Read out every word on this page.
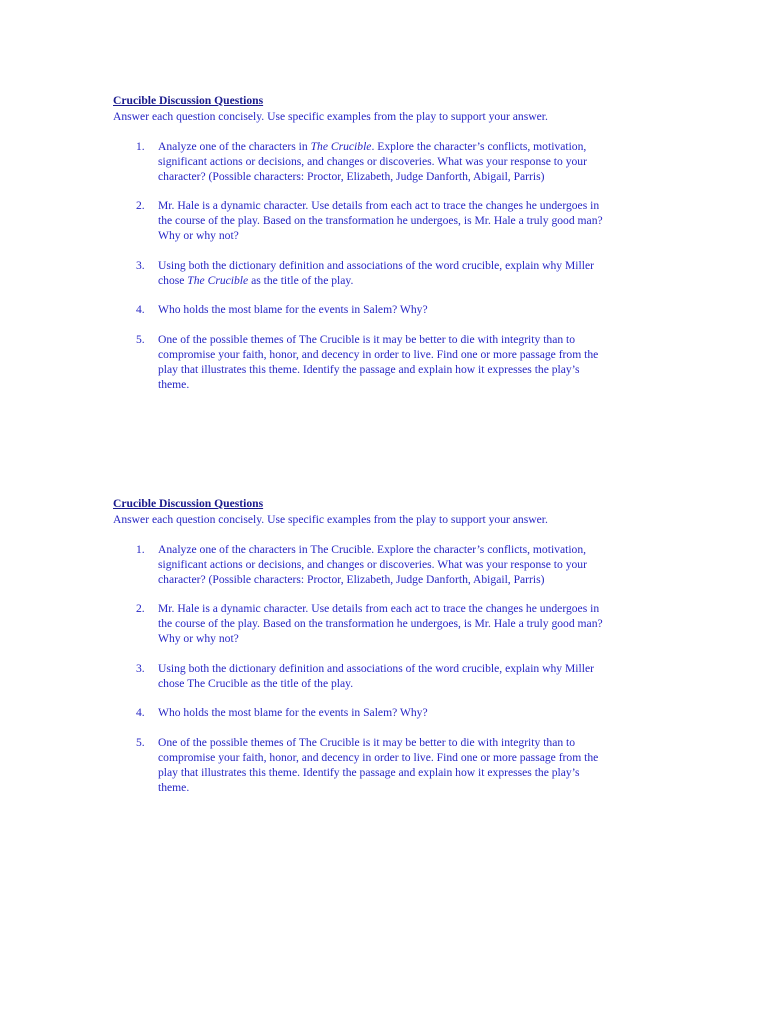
Crucible Discussion Questions
Answer each question concisely. Use specific examples from the play to support your answer.
1. Analyze one of the characters in The Crucible. Explore the character’s conflicts, motivation,
significant actions or decisions, and changes or discoveries. What was your response to your
character? (Possible characters: Proctor, Elizabeth, Judge Danforth, Abigail, Parris)
2. Mr. Hale is a dynamic character. Use details from each act to trace the changes he undergoes in
the course of the play. Based on the transformation he undergoes, is Mr. Hale a truly good man?
Why or why not?
3. Using both the dictionary definition and associations of the word crucible, explain why Miller
chose The Crucible as the title of the play.
4. Who holds the most blame for the events in Salem? Why?
5. One of the possible themes of The Crucible is it may be better to die with integrity than to
compromise your faith, honor, and decency in order to live. Find one or more passage from the
play that illustrates this theme. Identify the passage and explain how it expresses the play’s
theme.
Crucible Discussion Questions
Answer each question concisely. Use specific examples from the play to support your answer.
1. Analyze one of the characters in The Crucible. Explore the character’s conflicts, motivation,
significant actions or decisions, and changes or discoveries. What was your response to your
character? (Possible characters: Proctor, Elizabeth, Judge Danforth, Abigail, Parris)
2. Mr. Hale is a dynamic character. Use details from each act to trace the changes he undergoes in
the course of the play. Based on the transformation he undergoes, is Mr. Hale a truly good man?
Why or why not?
3. Using both the dictionary definition and associations of the word crucible, explain why Miller
chose The Crucible as the title of the play.
4. Who holds the most blame for the events in Salem? Why?
5. One of the possible themes of The Crucible is it may be better to die with integrity than to
compromise your faith, honor, and decency in order to live. Find one or more passage from the
play that illustrates this theme. Identify the passage and explain how it expresses the play’s
theme.
